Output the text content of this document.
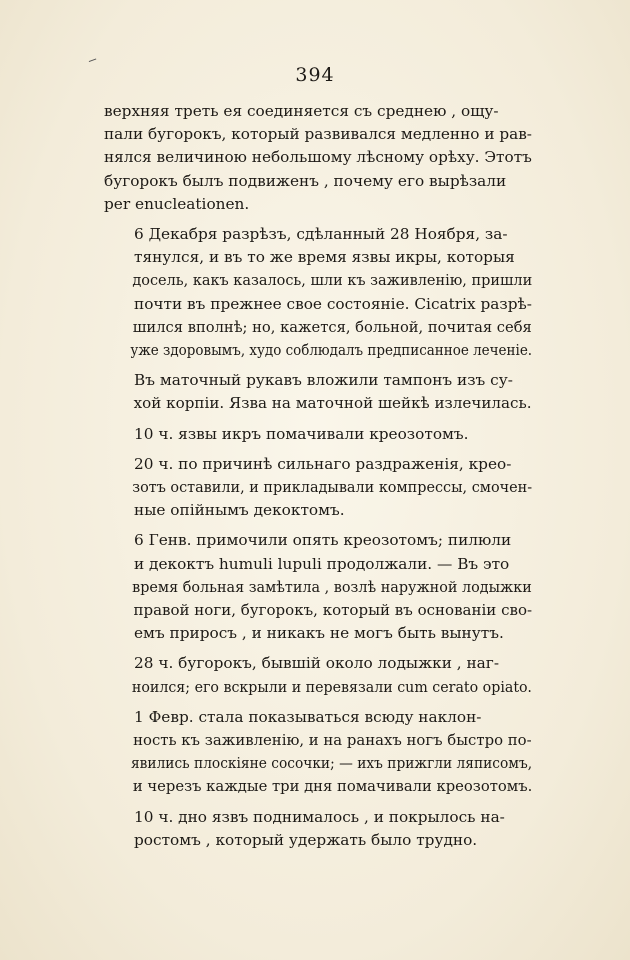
‒
394
верхняя треть ея соединяется съ среднею , ощу-
пали бугорокъ, который развивался медленно и рав-
нялся величиною небольшому лѣсному орѣху. Этотъ
бугорокъ былъ подвиженъ , почему его вырѣзали
per enucleationen.
6 Декабря разрѣзъ, сдѣланный 28 Ноября, за-
тянулся, и въ то же время язвы икры, которыя
досель, какъ казалось, шли къ заживленію, пришли
почти въ прежнее свое состояніе. Cicatrix разрѣ-
шился вполнѣ; но, кажется, больной, почитая себя
уже здоровымъ, худо соблюдалъ предписанное леченіе.
Въ маточный рукавъ вложили тампонъ изъ су-
хой корпіи. Язва на маточной шейкѣ излечилась.
10 ч. язвы икръ помачивали креозотомъ.
20 ч. по причинѣ сильнаго раздраженія, крео-
зотъ оставили, и прикладывали компрессы, смочен-
ные опійнымъ декоктомъ.
6 Генв. примочили опять креозотомъ; пилюли
и декоктъ humuli lupuli продолжали. — Въ это
время больная замѣтила , возлѣ наружной лодыжки
правой ноги, бугорокъ, который въ основаніи сво-
емъ приросъ , и никакъ не могъ быть вынутъ.
28 ч. бугорокъ, бывшій около лодыжки , наг-
ноился; его вскрыли и перевязали cum cerato opiato.
1 Февр. стала показываться всюду наклон-
ность къ заживленію, и на ранахъ ногъ быстро по-
явились плоскіяне сосочки; — ихъ прижгли ляписомъ,
и черезъ каждые три дня помачивали креозотомъ.
10 ч. дно язвъ поднималось , и покрылось на-
ростомъ , который удержать было трудно.
